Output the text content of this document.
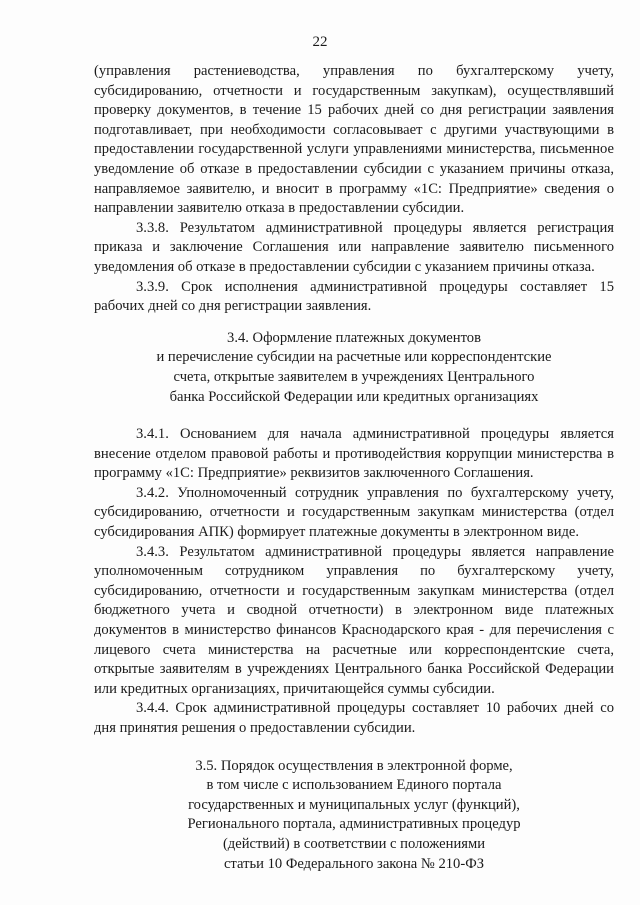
22

(управления растениеводства, управления по бухгалтерскому учету, субсидированию, отчетности и государственным закупкам), осуществлявший проверку документов, в течение 15 рабочих дней со дня регистрации заявления подготавливает, при необходимости согласовывает с другими участвующими в предоставлении государственной услуги управлениями министерства, письменное уведомление об отказе в предоставлении субсидии с указанием причины отказа, направляемое заявителю, и вносит в программу «1С: Предприятие» сведения о направлении заявителю отказа в предоставлении субсидии.

3.3.8. Результатом административной процедуры является регистрация приказа и заключение Соглашения или направление заявителю письменного уведомления об отказе в предоставлении субсидии с указанием причины отказа.

3.3.9. Срок исполнения административной процедуры составляет 15 рабочих дней со дня регистрации заявления.

3.4. Оформление платежных документов
и перечисление субсидии на расчетные или корреспондентские
счета, открытые заявителем в учреждениях Центрального
банка Российской Федерации или кредитных организациях

3.4.1. Основанием для начала административной процедуры является внесение отделом правовой работы и противодействия коррупции министерства в программу «1С: Предприятие» реквизитов заключенного Соглашения.

3.4.2. Уполномоченный сотрудник управления по бухгалтерскому учету, субсидированию, отчетности и государственным закупкам министерства (отдел субсидирования АПК) формирует платежные документы в электронном виде.

3.4.3. Результатом административной процедуры является направление уполномоченным сотрудником управления по бухгалтерскому учету, субсидированию, отчетности и государственным закупкам министерства (отдел бюджетного учета и сводной отчетности) в электронном виде платежных документов в министерство финансов Краснодарского края - для перечисления с лицевого счета министерства на расчетные или корреспондентские счета, открытые заявителям в учреждениях Центрального банка Российской Федерации или кредитных организациях, причитающейся суммы субсидии.

3.4.4. Срок административной процедуры составляет 10 рабочих дней со дня принятия решения о предоставлении субсидии.

3.5. Порядок осуществления в электронной форме,
в том числе с использованием Единого портала
государственных и муниципальных услуг (функций),
Регионального портала, административных процедур
(действий) в соответствии с положениями
статьи 10 Федерального закона № 210-ФЗ
